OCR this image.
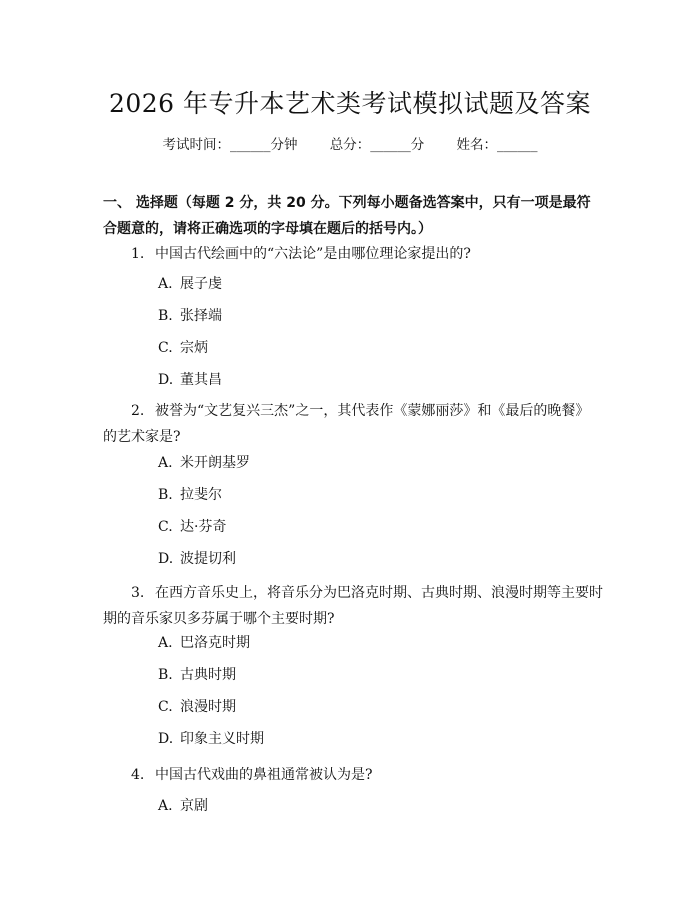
2026 年专升本艺术类考试模拟试题及答案
考试时间：______分钟 总分：______分 姓名：______
一、 选择题（每题 2 分，共 20 分。下列每小题备选答案中，只有一项是最符合题意的，请将正确选项的字母填在题后的括号内。）
1. 中国古代绘画中的“六法论”是由哪位理论家提出的?
A. 展子虔
B. 张择端
C. 宗炳
D. 董其昌
2. 被誉为“文艺复兴三杰”之一，其代表作《蒙娜丽莎》和《最后的晚餐》的艺术家是?
A. 米开朗基罗
B. 拉斐尔
C. 达·芬奇
D. 波提切利
3. 在西方音乐史上，将音乐分为巴洛克时期、古典时期、浪漫时期等主要时期的音乐家贝多芬属于哪个主要时期?
A. 巴洛克时期
B. 古典时期
C. 浪漫时期
D. 印象主义时期
4. 中国古代戏曲的鼻祖通常被认为是?
A. 京剧
